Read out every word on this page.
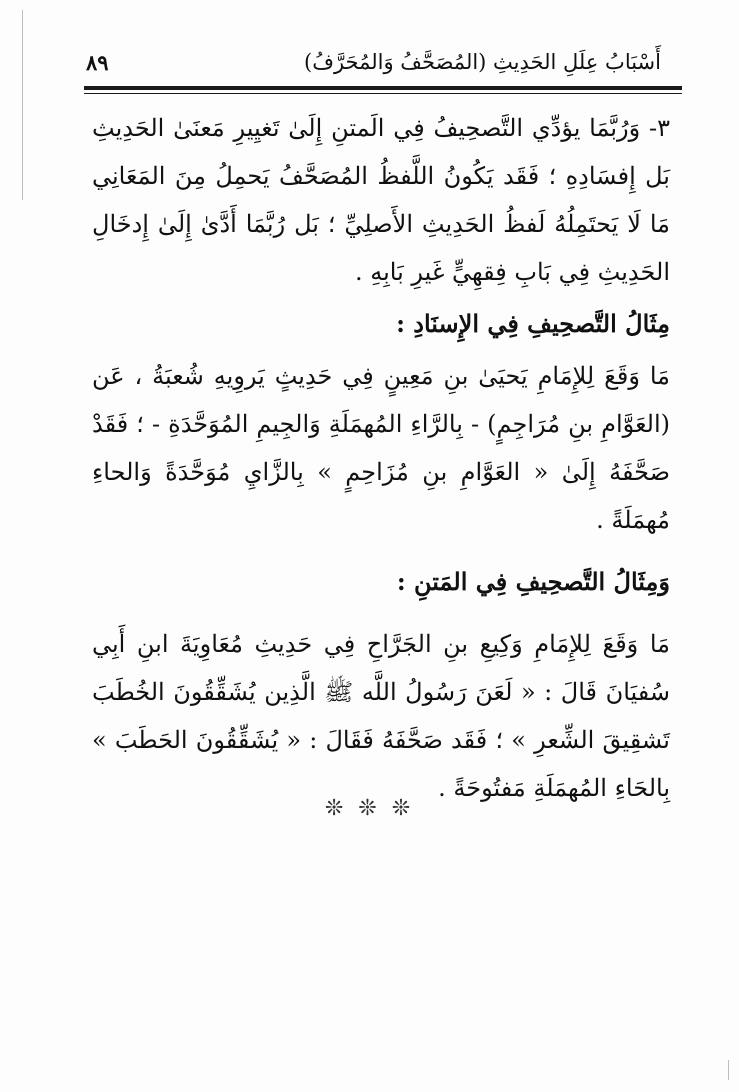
أَسْبَابُ عِلَلِ الحَدِيثِ (المُصَحَّفُ وَالمُحَرَّفُ)
٨٩

٣- وَرُبَّمَا يؤدِّي التَّصحِيفُ فِي الَمتنِ إِلَىٰ تَغيِيرِ مَعنَىٰ الحَدِيثِ بَل إِفسَادِهِ ؛ فَقَد يَكُونُ اللَّفظُ المُصَحَّفُ يَحمِلُ مِنَ المَعَانِي مَا لَا يَحتَمِلُهُ لَفظُ الحَدِيثِ الأَصلِيِّ ؛ بَل رُبَّمَا أَدَّىٰ إِلَىٰ إِدخَالِ الحَدِيثِ فِي بَابِ فِقهِيٍّ غَيرِ بَابِهِ .

مِثَالُ التَّصحِيفِ فِي الإِسنَادِ :

مَا وَقَعَ لِلإِمَامِ يَحيَىٰ بنِ مَعِينٍ فِي حَدِيثٍ يَروِيهِ شُعبَةُ ، عَن (العَوَّامِ بنِ مُرَاجِمٍ) - بِالرَّاءِ المُهمَلَةِ وَالجِيمِ المُوَحَّدَةِ - ؛ فَقَدْ صَحَّفَهُ إِلَىٰ « العَوَّامِ بنِ مُزَاحِمٍ » بِالزَّايِ مُوَحَّدَةً وَالحاءِ مُهمَلَةً .

وَمِثَالُ التَّصحِيفِ فِي المَتنِ :

مَا وَقَعَ لِلإِمَامِ وَكِيعِ بنِ الجَرَّاحِ فِي حَدِيثِ مُعَاوِيَةَ ابنِ أَبِي سُفيَانَ قَالَ : « لَعَنَ رَسُولُ اللَّه ﷺ الَّذِين يُشَقِّقُونَ الخُطَبَ تَشقِيقَ الشِّعرِ » ؛ فَقَد صَحَّفَهُ فَقَالَ : « يُشَقِّقُونَ الحَطَبَ » بِالحَاءِ المُهمَلَةِ مَفتُوحَةً .

❊ ❊ ❊
